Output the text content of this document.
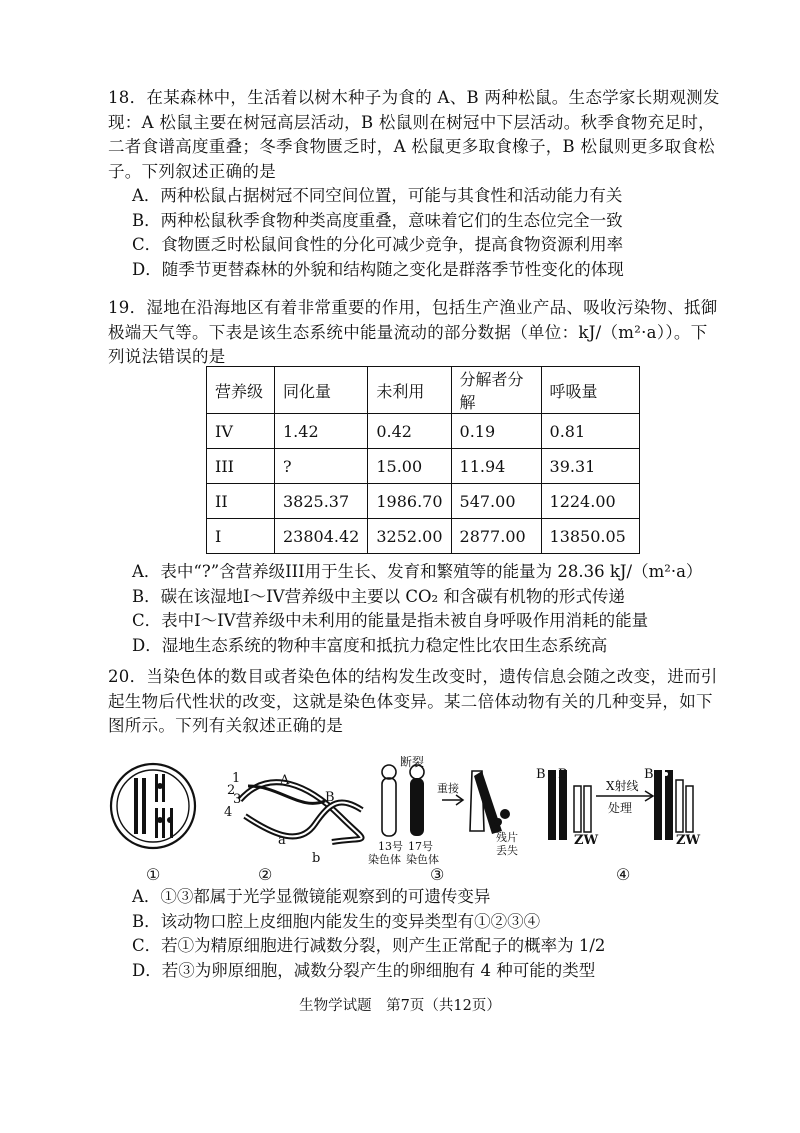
18．在某森林中，生活着以树木种子为食的 A、B 两种松鼠。生态学家长期观测发现：A 松鼠主要在树冠高层活动，B 松鼠则在树冠中下层活动。秋季食物充足时，二者食谱高度重叠；冬季食物匮乏时，A 松鼠更多取食橡子，B 松鼠则更多取食松子。下列叙述正确的是

A．两种松鼠占据树冠不同空间位置，可能与其食性和活动能力有关
B．两种松鼠秋季食物种类高度重叠，意味着它们的生态位完全一致
C．食物匮乏时松鼠间食性的分化可减少竞争，提高食物资源利用率
D．随季节更替森林的外貌和结构随之变化是群落季节性变化的体现

19．湿地在沿海地区有着非常重要的作用，包括生产渔业产品、吸收污染物、抵御极端天气等。下表是该生态系统中能量流动的部分数据（单位：kJ/（m²·a））。下列说法错误的是

营养级	同化量	未利用	分解者分解	呼吸量
IV	1.42	0.42	0.19	0.81
III	?	15.00	11.94	39.31
II	3825.37	1986.70	547.00	1224.00
I	23804.42	3252.00	2877.00	13850.05
A．表中“?”含营养级III用于生长、发育和繁殖等的能量为 28.36 kJ/（m²·a）
B．碳在该湿地I～IV营养级中主要以 CO₂ 和含碳有机物的形式传递
C．表中I～IV营养级中未利用的能量是指未被自身呼吸作用消耗的能量
D．湿地生态系统的物种丰富度和抵抗力稳定性比农田生态系统高

20．当染色体的数目或者染色体的结构发生改变时，遗传信息会随之改变，进而引起生物后代性状的改变，这就是染色体变异。某二倍体动物有关的几种变异，如下图所示。下列有关叙述正确的是

1
2
3
4
A
B
a
b
断裂
重接
13号 17号
染色体 染色体
残片
丢失
B B	B
ZW	ZW
X射线
处理
①	②	③	④
A．①③都属于光学显微镜能观察到的可遗传变异
B．该动物口腔上皮细胞内能发生的变异类型有①②③④
C．若①为精原细胞进行减数分裂，则产生正常配子的概率为 1/2
D．若③为卵原细胞，减数分裂产生的卵细胞有 4 种可能的类型
生物学试题　第7页（共12页）
